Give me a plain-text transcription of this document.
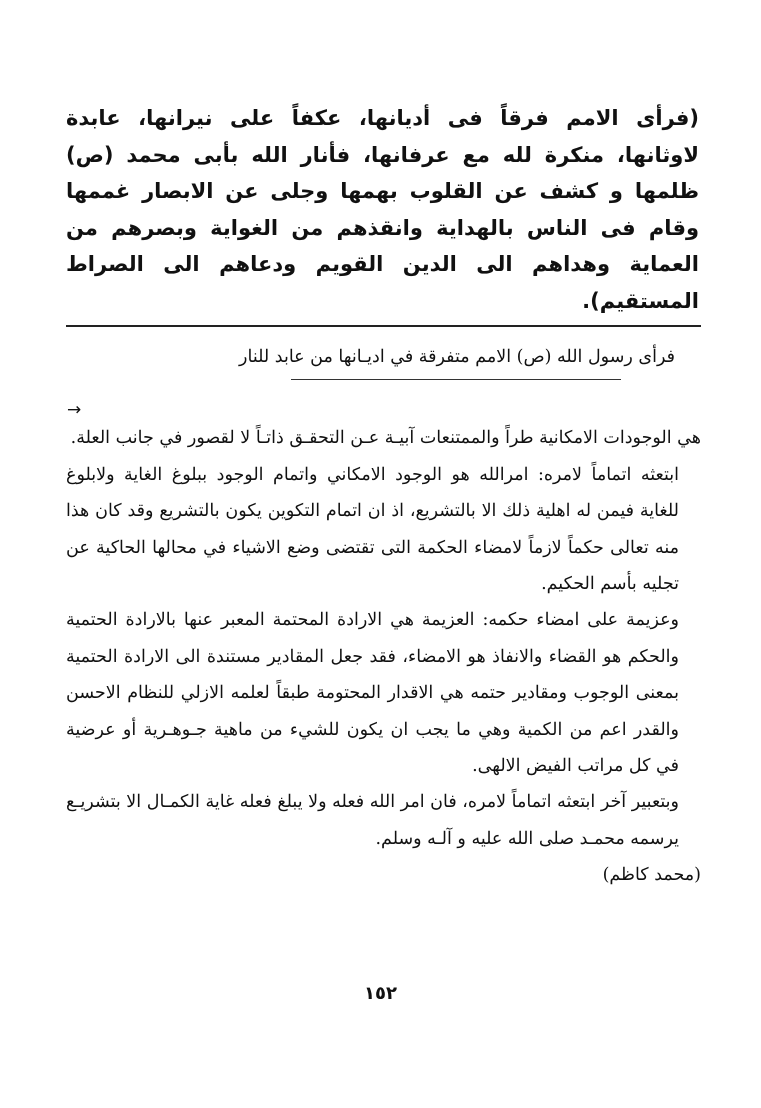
(فرأى الامم فرقاً فى أديانها، عكفاً على نيرانها، عابدة لاوثانها، منكرة لله مع عرفانها، فأنار الله بأبى محمد (ص) ظلمها و كشف عن القلوب بهمها وجلى عن الابصار غممها وقام فى الناس بالهداية وانقذهم من الغواية وبصرهم من العماية وهداهم الى الدين القويم ودعاهم الى الصراط المستقيم).

فرأى رسول الله (ص) الامم متفرقة في اديـانها من عابد للنار

→

هي الوجودات الامكانية طراً والممتنعات آبيـة عـن التحقـق ذاتـاً لا لقصور في جانب العلة.

ابتعثه اتماماً لامره: امرالله هو الوجود الامكاني واتمام الوجود ببلوغ الغاية ولابلوغ للغاية فيمن له اهلية ذلك الا بالتشريع، اذ ان اتمام التكوين يكون بالتشريع وقد كان هذا منه تعالى حكماً لازماً لامضاء الحكمة التى تقتضى وضع الاشياء في محالها الحاكية عن تجليه بأسم الحكيم.

وعزيمة على امضاء حكمه: العزيمة هي الارادة المحتمة المعبر عنها بالارادة الحتمية والحكم هو القضاء والانفاذ هو الامضاء، فقد جعل المقادير مستندة الى الارادة الحتمية بمعنى الوجوب ومقادير حتمه هي الاقدار المحتومة طبقاً لعلمه الازلي للنظام الاحسن والقدر اعم من الكمية وهي ما يجب ان يكون للشيء من ماهية جـوهـرية أو عرضية في كل مراتب الفيض الالهى.

وبتعبير آخر ابتعثه اتماماً لامره، فان امر الله فعله ولا يبلغ فعله غاية الكمـال الا بتشريـع يرسمه محمـد صلى الله عليه و آلـه وسلم.

(محمد كاظم)

١٥٢
